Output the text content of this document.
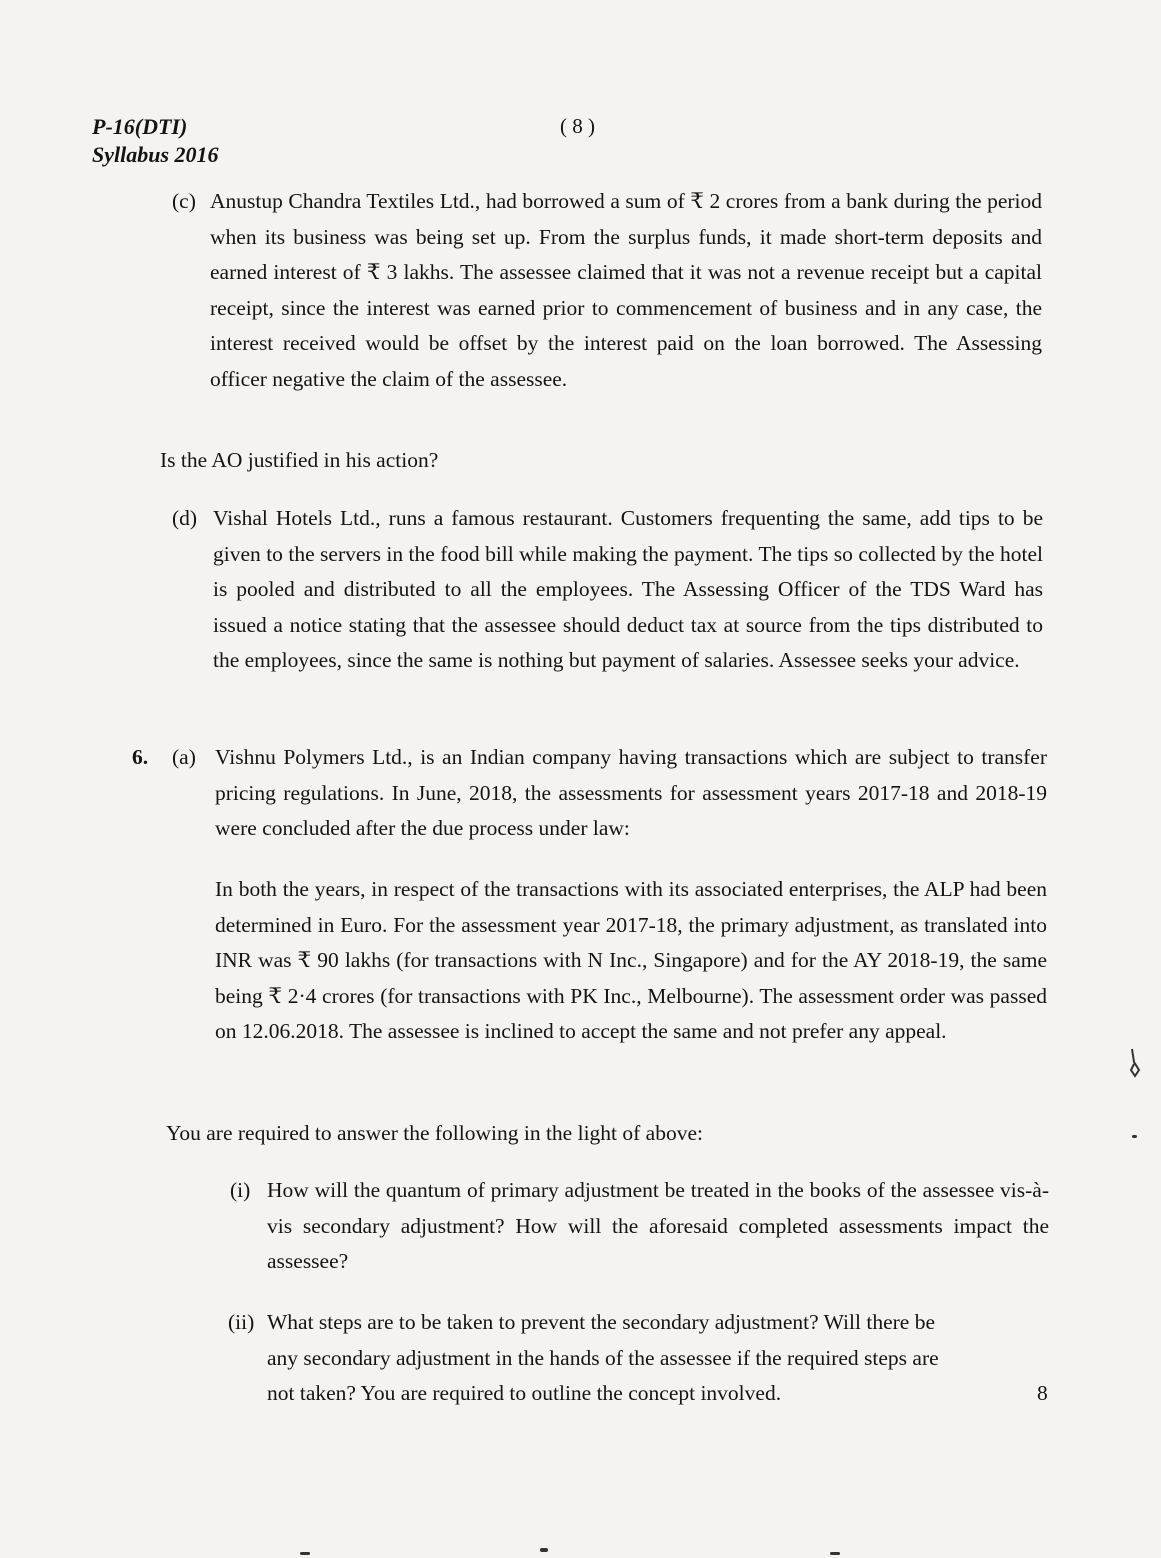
P-16(DTI)
Syllabus 2016
( 8 )
(c) Anustup Chandra Textiles Ltd., had borrowed a sum of ₹ 2 crores from a bank during the period when its business was being set up. From the surplus funds, it made short-term deposits and earned interest of ₹ 3 lakhs. The assessee claimed that it was not a revenue receipt but a capital receipt, since the interest was earned prior to commencement of business and in any case, the interest received would be offset by the interest paid on the loan borrowed. The Assessing officer negative the claim of the assessee.
Is the AO justified in his action?
(d) Vishal Hotels Ltd., runs a famous restaurant. Customers frequenting the same, add tips to be given to the servers in the food bill while making the payment. The tips so collected by the hotel is pooled and distributed to all the employees. The Assessing Officer of the TDS Ward has issued a notice stating that the assessee should deduct tax at source from the tips distributed to the employees, since the same is nothing but payment of salaries. Assessee seeks your advice.
6. (a) Vishnu Polymers Ltd., is an Indian company having transactions which are subject to transfer pricing regulations. In June, 2018, the assessments for assessment years 2017-18 and 2018-19 were concluded after the due process under law:
In both the years, in respect of the transactions with its associated enterprises, the ALP had been determined in Euro. For the assessment year 2017-18, the primary adjustment, as translated into INR was ₹ 90 lakhs (for transactions with N Inc., Singapore) and for the AY 2018-19, the same being ₹ 2·4 crores (for transactions with PK Inc., Melbourne). The assessment order was passed on 12.06.2018. The assessee is inclined to accept the same and not prefer any appeal.
You are required to answer the following in the light of above:
(i) How will the quantum of primary adjustment be treated in the books of the assessee vis-à-vis secondary adjustment? How will the aforesaid completed assessments impact the assessee?
(ii) What steps are to be taken to prevent the secondary adjustment? Will there be any secondary adjustment in the hands of the assessee if the required steps are not taken? You are required to outline the concept involved.	8
